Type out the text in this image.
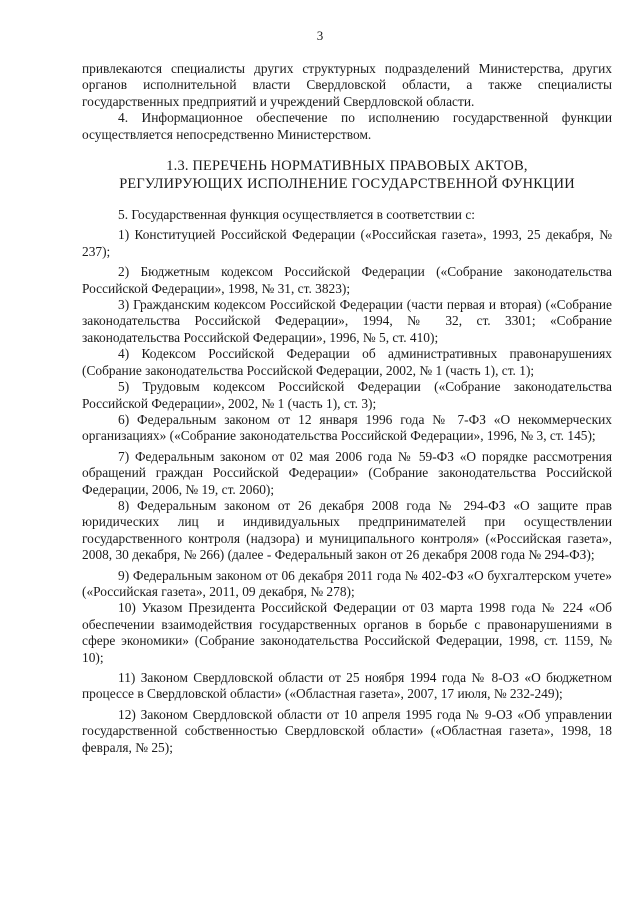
3

привлекаются специалисты других структурных подразделений Министерства, других органов исполнительной власти Свердловской области, а также специалисты государственных предприятий и учреждений Свердловской области.

4. Информационное обеспечение по исполнению государственной функции осуществляется непосредственно Министерством.

1.3. ПЕРЕЧЕНЬ НОРМАТИВНЫХ ПРАВОВЫХ АКТОВ,
РЕГУЛИРУЮЩИХ ИСПОЛНЕНИЕ ГОСУДАРСТВЕННОЙ ФУНКЦИИ

5. Государственная функция осуществляется в соответствии с:

1) Конституцией Российской Федерации («Российская газета», 1993, 25 декабря, № 237);

2) Бюджетным кодексом Российской Федерации («Собрание законодательства Российской Федерации», 1998, № 31, ст. 3823);

3) Гражданским кодексом Российской Федерации (части первая и вторая) («Собрание законодательства Российской Федерации», 1994, № 32, ст. 3301; «Собрание законодательства Российской Федерации», 1996, № 5, ст. 410);

4) Кодексом Российской Федерации об административных правонарушениях (Собрание законодательства Российской Федерации, 2002, № 1 (часть 1), ст. 1);

5) Трудовым кодексом Российской Федерации («Собрание законодательства Российской Федерации», 2002, № 1 (часть 1), ст. 3);

6) Федеральным законом от 12 января 1996 года № 7-ФЗ «О некоммерческих организациях» («Собрание законодательства Российской Федерации», 1996, № 3, ст. 145);

7) Федеральным законом от 02 мая 2006 года № 59-ФЗ «О порядке рассмотрения обращений граждан Российской Федерации» (Собрание законодательства Российской Федерации, 2006, № 19, ст. 2060);

8) Федеральным законом от 26 декабря 2008 года № 294-ФЗ «О защите прав юридических лиц и индивидуальных предпринимателей при осуществлении государственного контроля (надзора) и муниципального контроля» («Российская газета», 2008, 30 декабря, № 266) (далее - Федеральный закон от 26 декабря 2008 года № 294-ФЗ);

9) Федеральным законом от 06 декабря 2011 года № 402-ФЗ «О бухгалтерском учете» («Российская газета», 2011, 09 декабря, № 278);

10) Указом Президента Российской Федерации от 03 марта 1998 года № 224 «Об обеспечении взаимодействия государственных органов в борьбе с правонарушениями в сфере экономики» (Собрание законодательства Российской Федерации, 1998, ст. 1159, № 10);

11) Законом Свердловской области от 25 ноября 1994 года № 8-ОЗ «О бюджетном процессе в Свердловской области» («Областная газета», 2007, 17 июля, № 232-249);

12) Законом Свердловской области от 10 апреля 1995 года № 9-ОЗ «Об управлении государственной собственностью Свердловской области» («Областная газета», 1998, 18 февраля, № 25);
